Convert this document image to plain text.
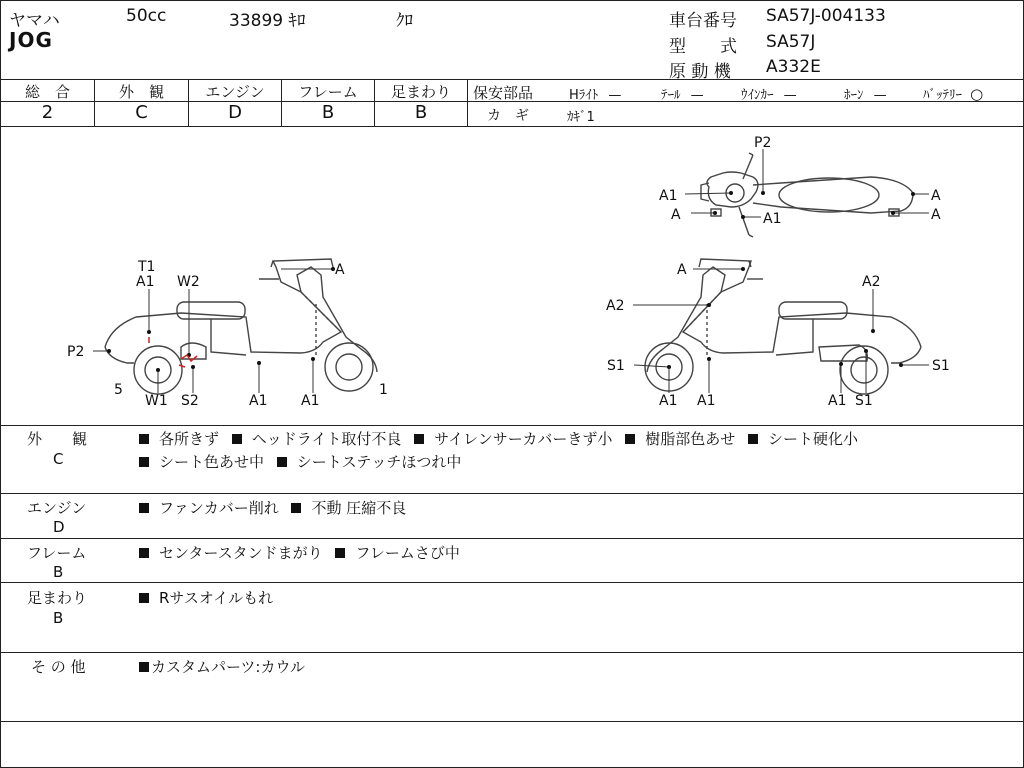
ヤマハ	50cc	33899 ｷﾛ	ｸﾛ
JOG
車台番号 SA57J-004133
型　　式 SA57J
原 動 機 A332E
総　合	外　観	エンジン	フレーム	足まわり
2	C	D	B	B
保安部品	Hﾗｲﾄ —	ﾃｰﾙ —	ｳｲﾝｶｰ —	ﾎｰﾝ —	ﾊﾞｯﾃﾘｰ ○
カ　ギ	ｶｷﾞ1
P2
A1
A	A1
A
A
T1
A1 W2
A
P2
5
W1 S2	A1 A1
1
A
A2
A2
S1	S1
A1 A1	A1 S1
外　　観
C
各所きず ヘッドライト取付不良 サイレンサーカバーきず小 樹脂部色あせ シート硬化小
シート色あせ中 シートステッチほつれ中
エンジン
D
ファンカバー削れ 不動 圧縮不良
フレーム
B
センタースタンドまがり フレームさび中
足まわり
B
Rサスオイルもれ
そ の 他	カスタムパーツ:カウル
